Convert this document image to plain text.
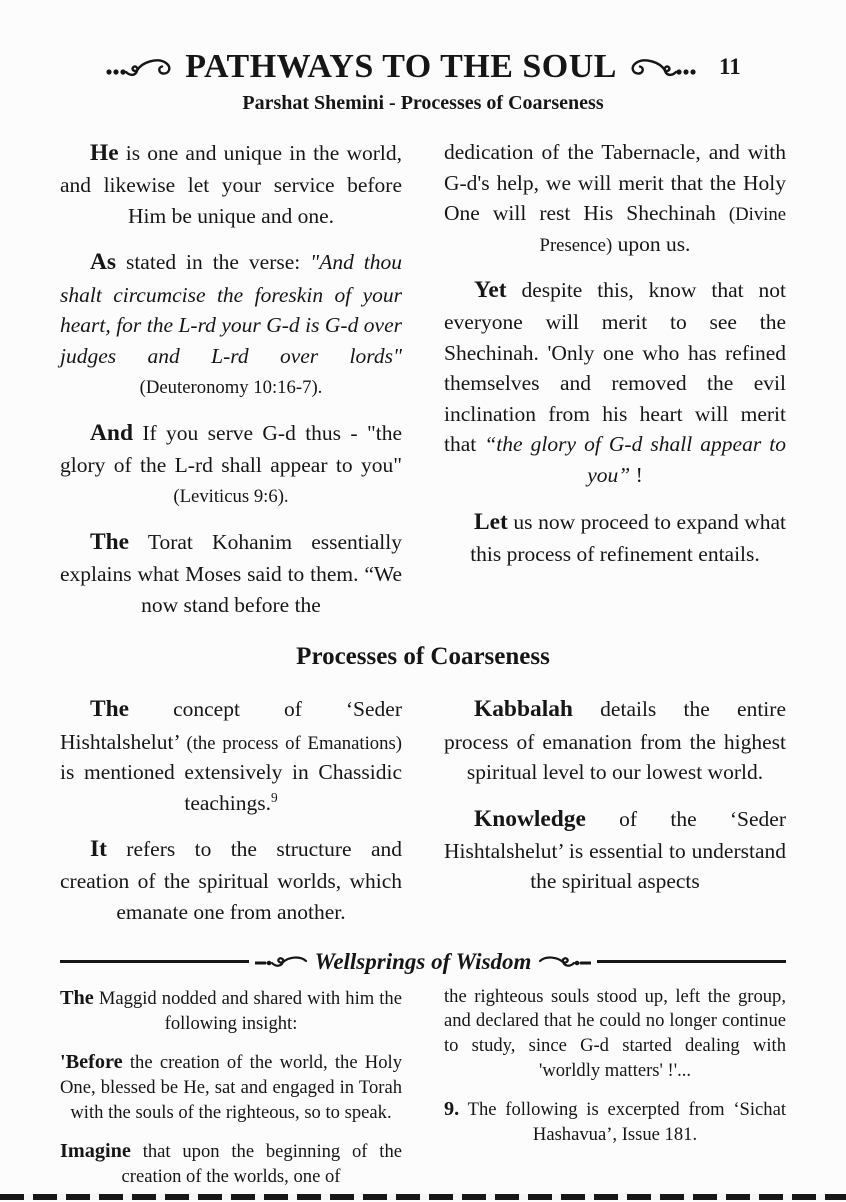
PATHWAYS TO THE SOUL	11
Parshat Shemini - Processes of Coarseness

He is one and unique in the world, and likewise let your service before Him be unique and one.

As stated in the verse: "And thou shalt circumcise the foreskin of your heart, for the L-rd your G-d is G-d over judges and L-rd over lords" (Deuteronomy 10:16-7).

And If you serve G-d thus - "the glory of the L-rd shall appear to you" (Leviticus 9:6).

The Torat Kohanim essentially explains what Moses said to them. “We now stand before the

dedication of the Tabernacle, and with G-d's help, we will merit that the Holy One will rest His Shechinah (Divine Presence) upon us.

Yet despite this, know that not everyone will merit to see the Shechinah. 'Only one who has refined themselves and removed the evil inclination from his heart will merit that “the glory of G-d shall appear to you” !

Let us now proceed to expand what this process of refinement entails.

Processes of Coarseness

The concept of ‘Seder Hishtalshelut’ (the process of Emanations) is mentioned extensively in Chassidic teachings.$^9$

It refers to the structure and creation of the spiritual worlds, which emanate one from another.

Kabbalah details the entire process of emanation from the highest spiritual level to our lowest world.

Knowledge of the ‘Seder Hishtalshelut’ is essential to understand the spiritual aspects

Wellsprings of Wisdom

The Maggid nodded and shared with him the following insight:

'Before the creation of the world, the Holy One, blessed be He, sat and engaged in Torah with the souls of the righteous, so to speak.

Imagine that upon the beginning of the creation of the worlds, one of

the righteous souls stood up, left the group, and declared that he could no longer continue to study, since G-d started dealing with 'worldly matters' !'...

9. The following is excerpted from ‘Sichat Hashavua’, Issue 181.
